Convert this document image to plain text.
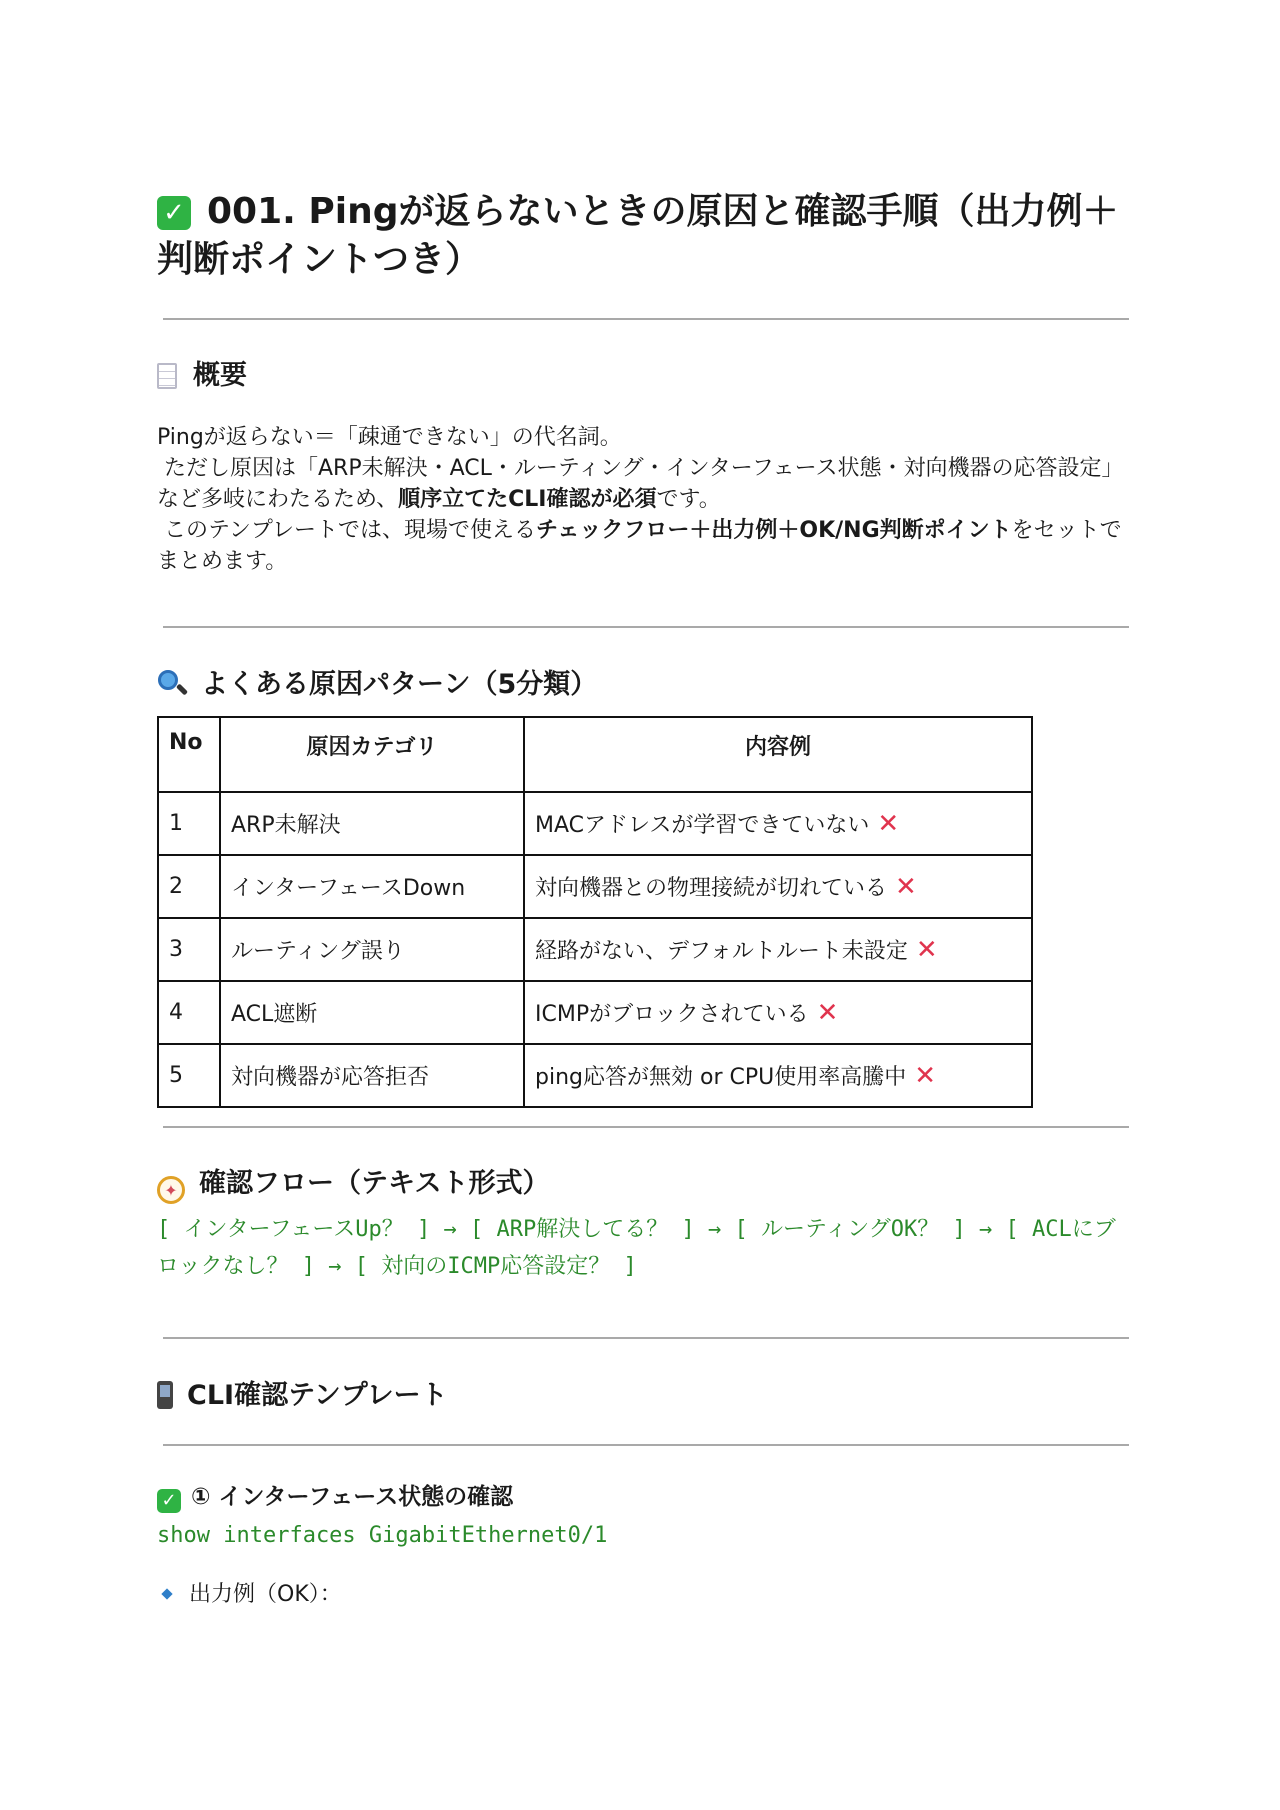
✓ 001. Pingが返らないときの原因と確認手順（出力例＋判断ポイントつき）
概要

Pingが返らない＝「疎通できない」の代名詞。

ただし原因は「ARP未解決・ACL・ルーティング・インターフェース状態・対向機器の応答設定」など多岐にわたるため、順序立てたCLI確認が必須です。

このテンプレートでは、現場で使えるチェックフロー＋出力例＋OK/NG判断ポイントをセットでまとめます。

よくある原因パターン（5分類）
No	原因カテゴリ	内容例
1	ARP未解決	MACアドレスが学習できていない ✕
2	インターフェースDown	対向機器との物理接続が切れている ✕
3	ルーティング誤り	経路がない、デフォルトルート未設定 ✕
4	ACL遮断	ICMPがブロックされている ✕
5	対向機器が応答拒否	ping応答が無効 or CPU使用率高騰中 ✕
✦ 確認フロー（テキスト形式）

[ インターフェースUp？ ] → [ ARP解決してる？ ] → [ ルーティングOK？ ] → [ ACLにブロックなし？ ] → [ 対向のICMP応答設定？ ]

CLI確認テンプレート
✓ ① インターフェース状態の確認

show interfaces GigabitEthernet0/1

出力例（OK）：
